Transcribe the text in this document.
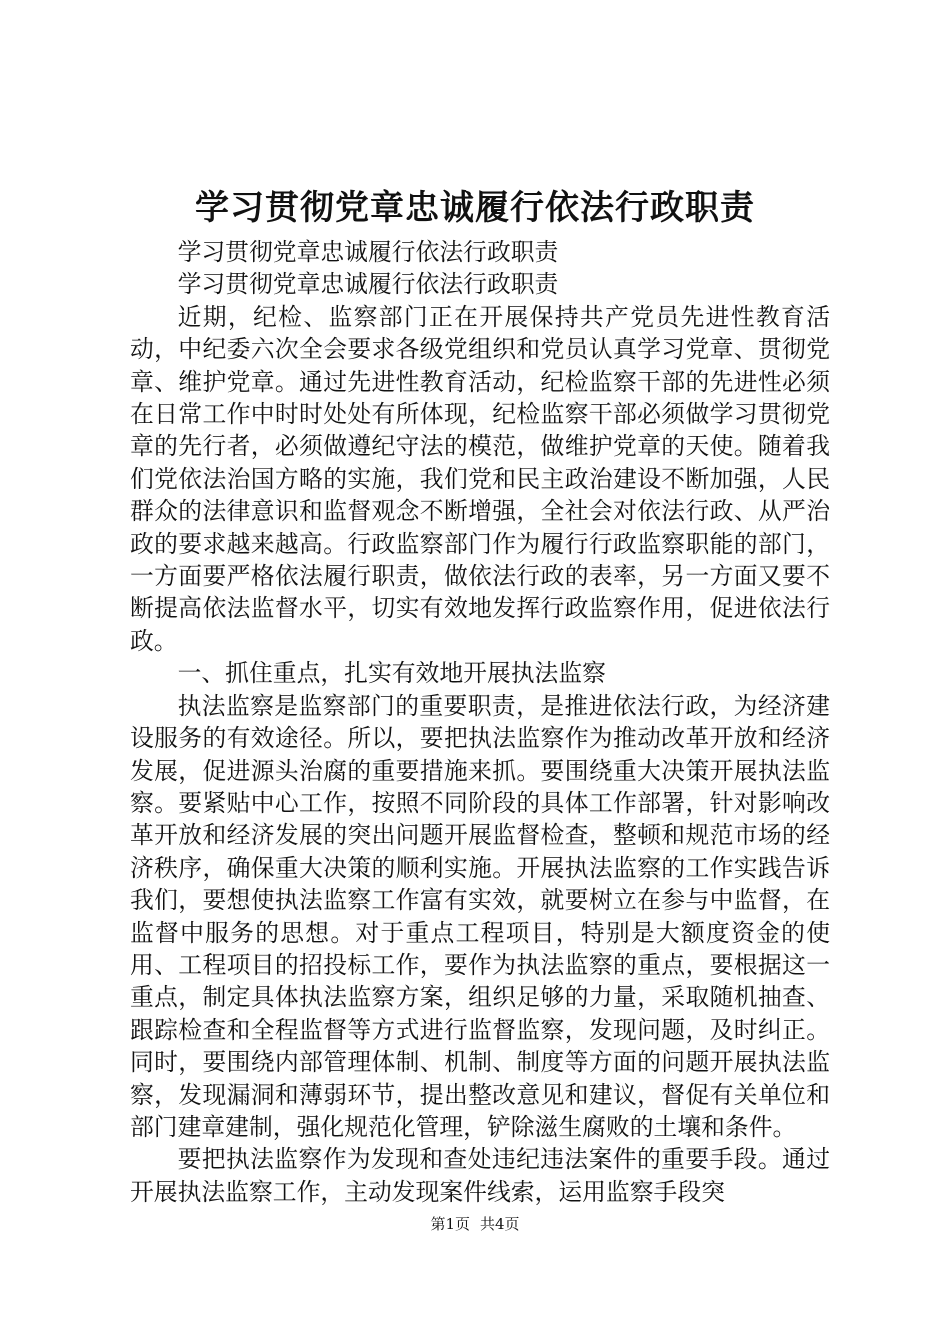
学习贯彻党章忠诚履行依法行政职责

学习贯彻党章忠诚履行依法行政职责

学习贯彻党章忠诚履行依法行政职责

近期，纪检、监察部门正在开展保持共产党员先进性教育活动，中纪委六次全会要求各级党组织和党员认真学习党章、贯彻党章、维护党章。通过先进性教育活动，纪检监察干部的先进性必须在日常工作中时时处处有所体现，纪检监察干部必须做学习贯彻党章的先行者，必须做遵纪守法的模范，做维护党章的天使。随着我们党依法治国方略的实施，我们党和民主政治建设不断加强，人民群众的法律意识和监督观念不断增强，全社会对依法行政、从严治政的要求越来越高。行政监察部门作为履行行政监察职能的部门，一方面要严格依法履行职责，做依法行政的表率，另一方面又要不断提高依法监督水平，切实有效地发挥行政监察作用，促进依法行政。

一、抓住重点，扎实有效地开展执法监察

执法监察是监察部门的重要职责，是推进依法行政，为经济建设服务的有效途径。所以，要把执法监察作为推动改革开放和经济发展，促进源头治腐的重要措施来抓。要围绕重大决策开展执法监察。要紧贴中心工作，按照不同阶段的具体工作部署，针对影响改革开放和经济发展的突出问题开展监督检查，整顿和规范市场的经济秩序，确保重大决策的顺利实施。开展执法监察的工作实践告诉我们，要想使执法监察工作富有实效，就要树立在参与中监督，在监督中服务的思想。对于重点工程项目，特别是大额度资金的使用、工程项目的招投标工作，要作为执法监察的重点，要根据这一重点，制定具体执法监察方案，组织足够的力量，采取随机抽查、跟踪检查和全程监督等方式进行监督监察，发现问题，及时纠正。同时，要围绕内部管理体制、机制、制度等方面的问题开展执法监察，发现漏洞和薄弱环节，提出整改意见和建议，督促有关单位和部门建章建制，强化规范化管理，铲除滋生腐败的土壤和条件。

要把执法监察作为发现和查处违纪违法案件的重要手段。通过开展执法监察工作，主动发现案件线索，运用监察手段突

第1页 共4页
